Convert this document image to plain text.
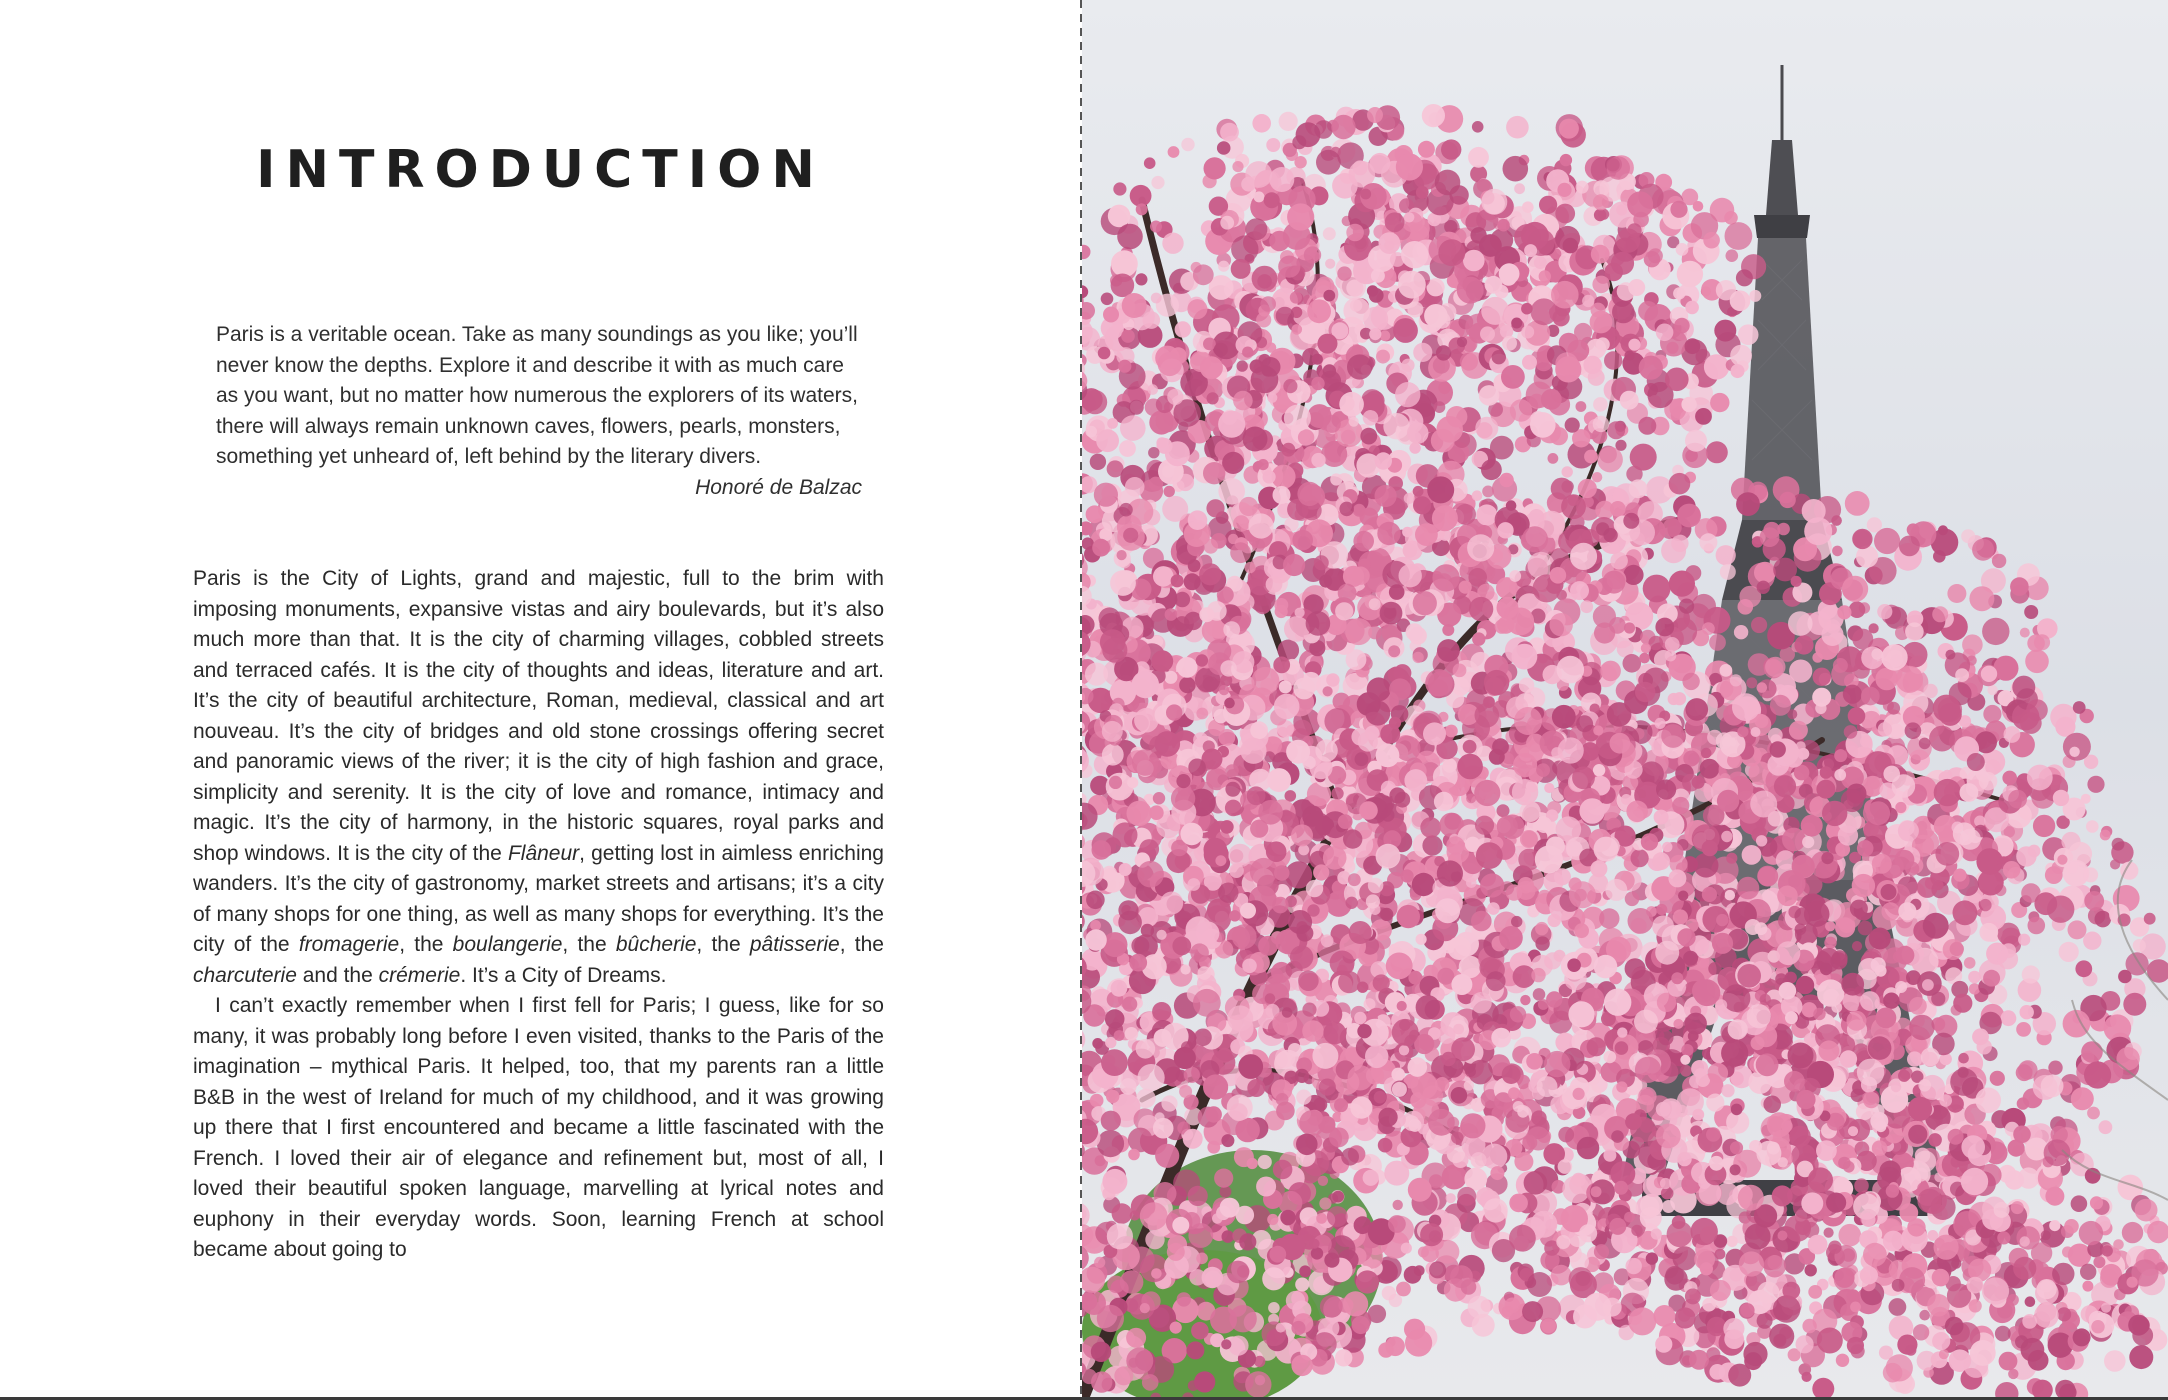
INTRODUCTION
Paris is a veritable ocean. Take as many soundings as you like; you’ll never know the depths. Explore it and describe it with as much care as you want, but no matter how numerous the explorers of its waters, there will always remain unknown caves, flowers, pearls, monsters, something yet unheard of, left behind by the literary divers.
Honoré de Balzac

Paris is the City of Lights, grand and majestic, full to the brim with imposing monuments, expansive vistas and airy boulevards, but it’s also much more than that. It is the city of charming villages, cobbled streets and terraced cafés. It is the city of thoughts and ideas, literature and art. It’s the city of beautiful architecture, Roman, medieval, classical and art nouveau. It’s the city of bridges and old stone crossings offering secret and panoramic views of the river; it is the city of high fashion and grace, simplicity and serenity. It is the city of love and romance, intimacy and magic. It’s the city of harmony, in the historic squares, royal parks and shop windows. It is the city of the Flâneur, getting lost in aimless enriching wanders. It’s the city of gastronomy, market streets and artisans; it’s a city of many shops for one thing, as well as many shops for everything. It’s the city of the fromagerie, the boulangerie, the bûcherie, the pâtisserie, the charcuterie and the crémerie. It’s a City of Dreams.

I can’t exactly remember when I first fell for Paris; I guess, like for so many, it was probably long before I even visited, thanks to the Paris of the imagination – mythical Paris. It helped, too, that my parents ran a little B&B in the west of Ireland for much of my childhood, and it was growing up there that I first encountered and became a little fascinated with the French. I loved their air of elegance and refinement but, most of all, I loved their beautiful spoken language, marvelling at lyrical notes and euphony in their everyday words. Soon, learning French at school became about going to
